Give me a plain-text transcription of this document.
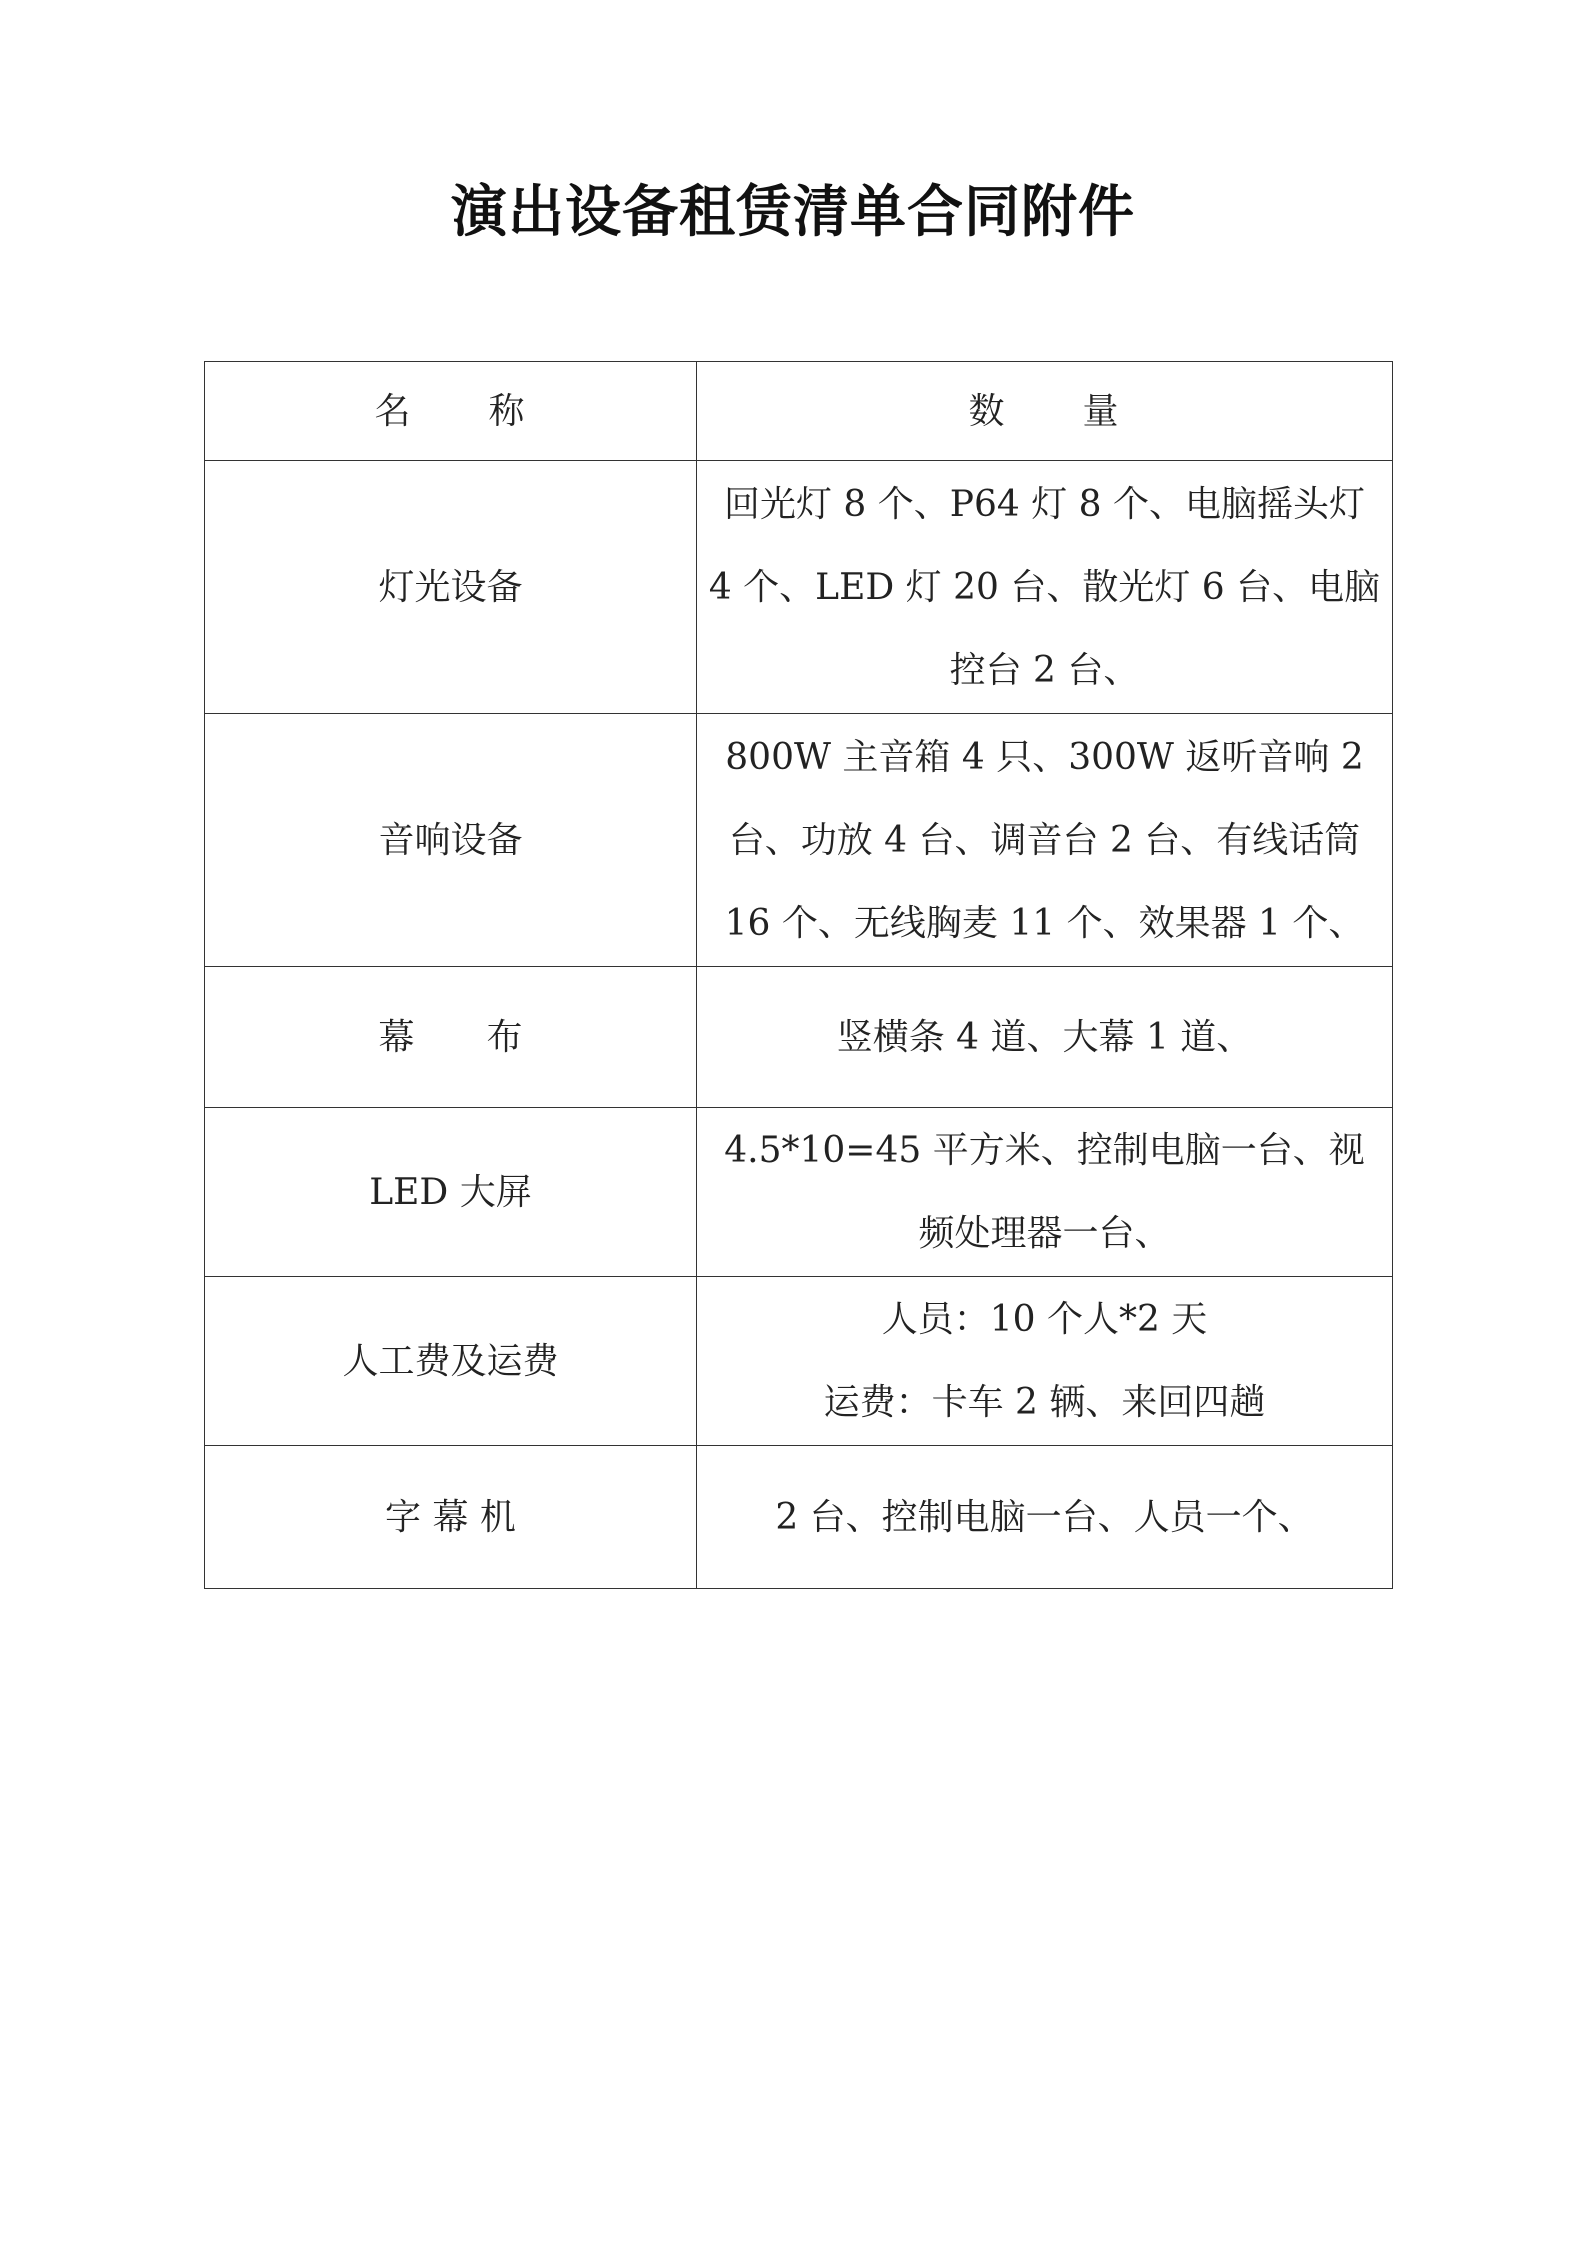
演出设备租赁清单合同附件
名　　称	数　　量
灯光设备	回光灯 8 个、P64 灯 8 个、电脑摇头灯 4 个、LED 灯 20 台、散光灯 6 台、电脑控台 2 台、
音响设备	800W 主音箱 4 只、300W 返听音响 2 台、功放 4 台、调音台 2 台、有线话筒 16 个、无线胸麦 11 个、效果器 1 个、
幕　　布	竖横条 4 道、大幕 1 道、
LED 大屏	4.5*10=45 平方米、控制电脑一台、视频处理器一台、
人工费及运费	人员：10 个人*2 天
运费：卡车 2 辆、来回四趟

字 幕 机	2 台、控制电脑一台、人员一个、
